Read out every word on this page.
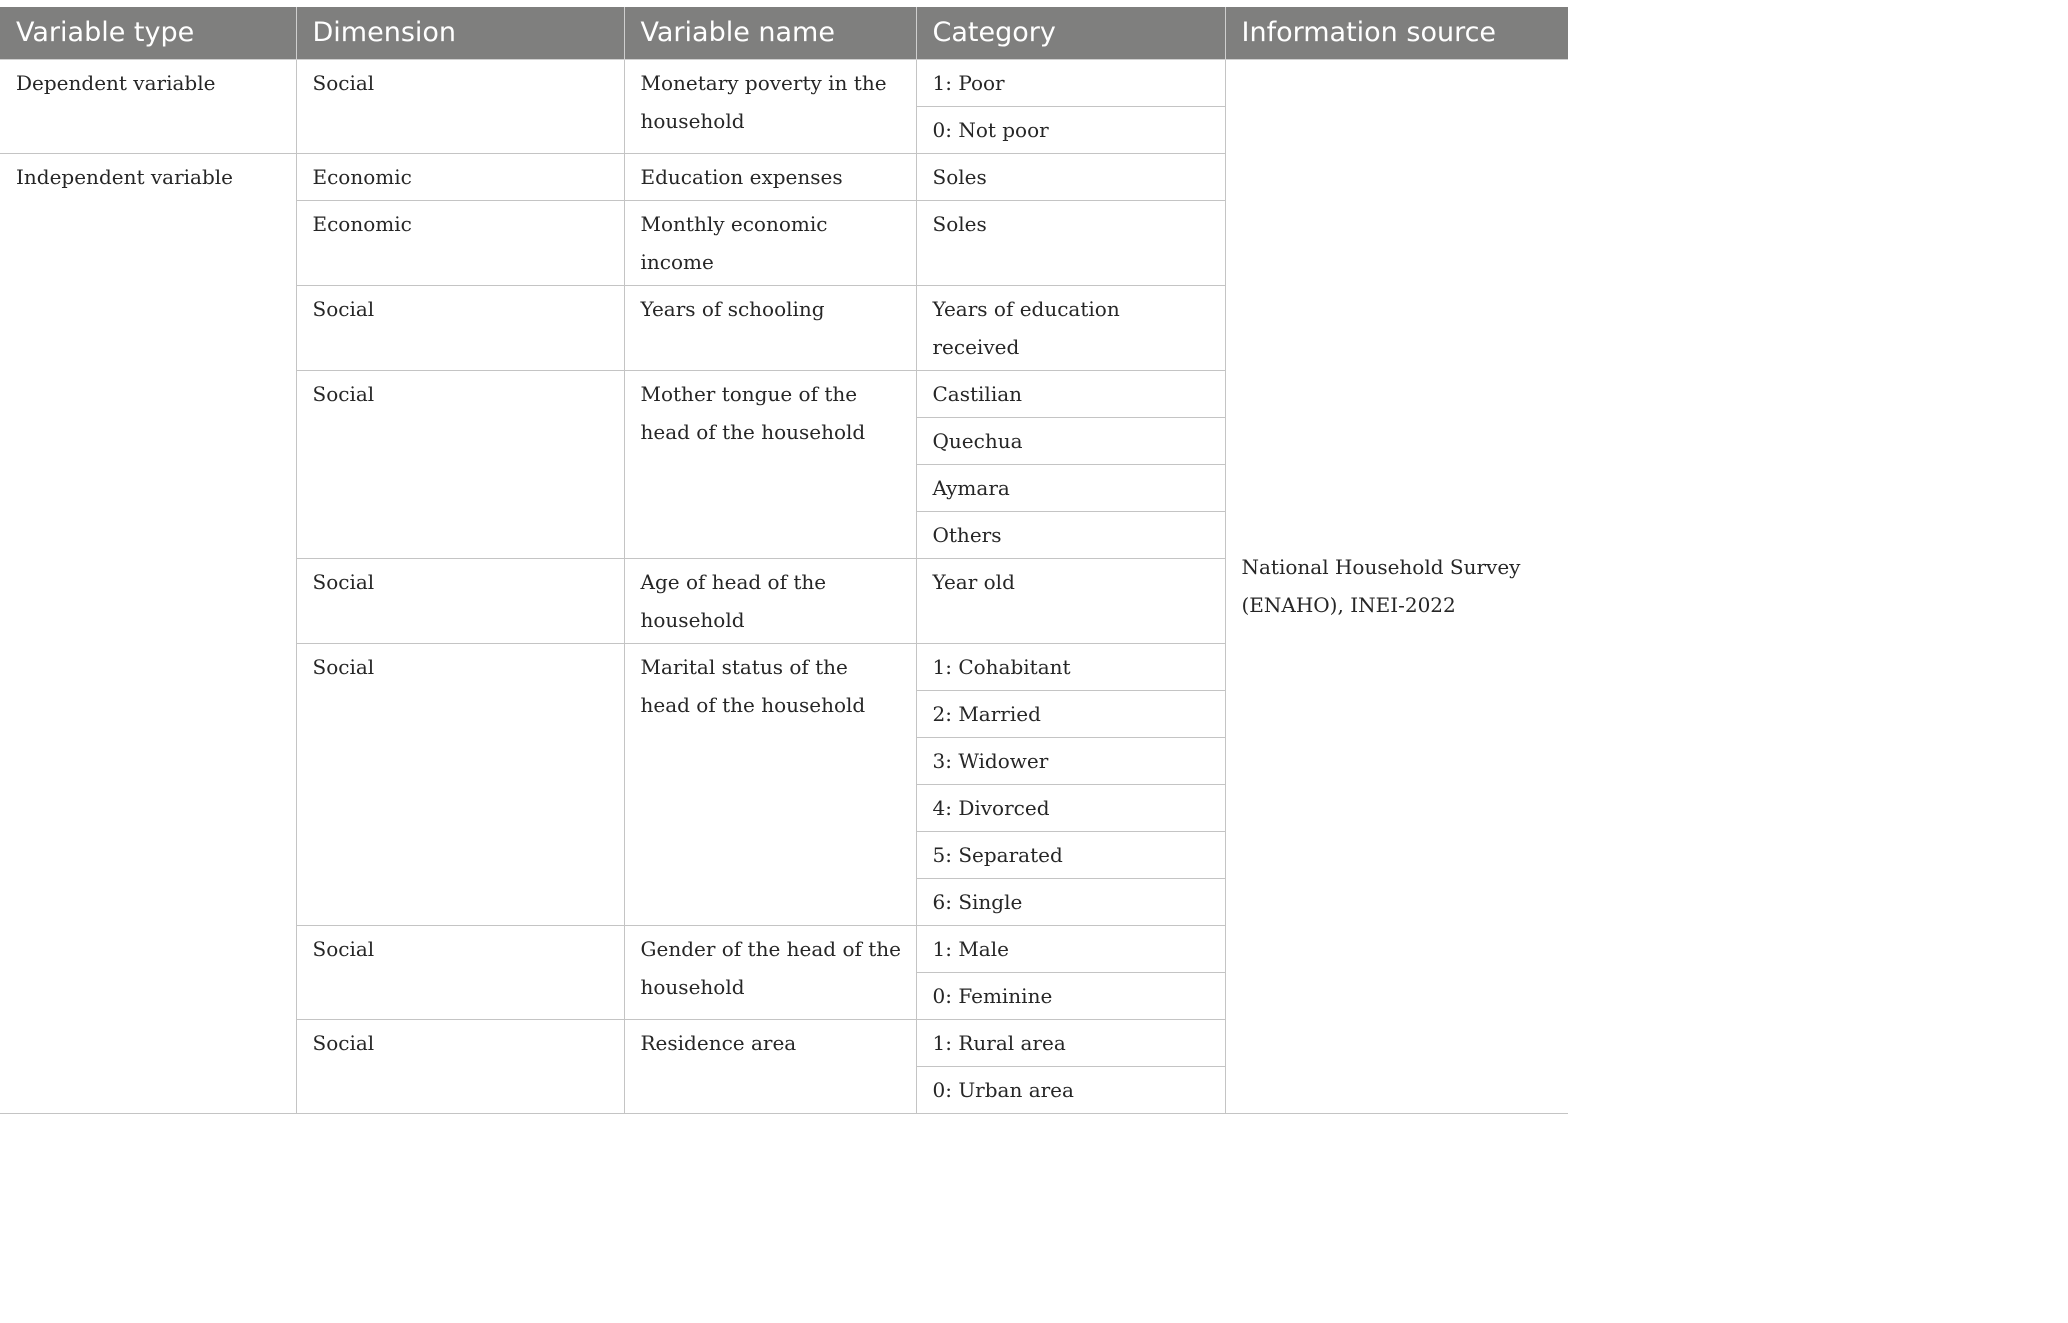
Variable type	Dimension	Variable name	Category	Information source
Dependent variable	Social	Monetary poverty in the household	1: Poor	National Household Survey (ENAHO), INEI-2022
			0: Not poor	
Independent variable	Economic	Education expenses	Soles	
	Economic	Monthly economic income	Soles	
	Social	Years of schooling	Years of education received	
	Social	Mother tongue of the head of the household	Castilian	
			Quechua	
			Aymara	
			Others	
	Social	Age of head of the household	Year old	
	Social	Marital status of the head of the household	1: Cohabitant	
			2: Married	
			3: Widower	
			4: Divorced	
			5: Separated	
			6: Single	
	Social	Gender of the head of the household	1: Male	
			0: Feminine	
	Social	Residence area	1: Rural area	
			0: Urban area	
